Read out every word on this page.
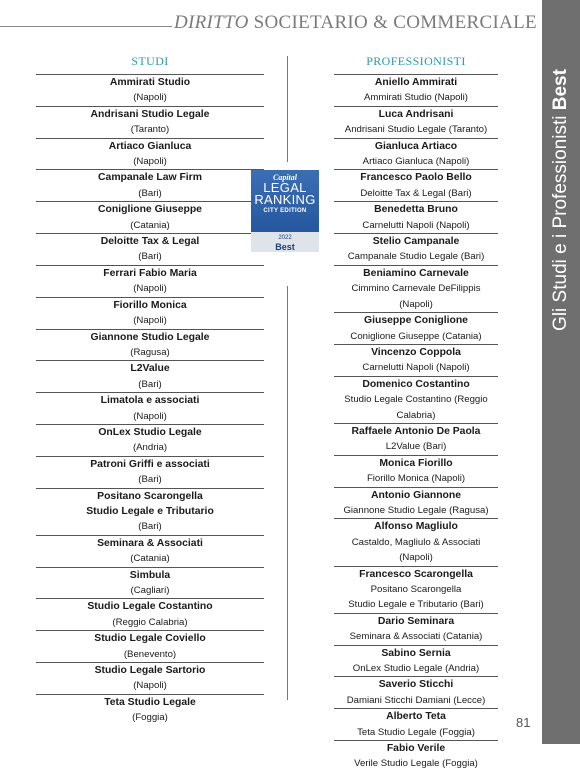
DIRITTO SOCIETARIO & COMMERCIALE
Gli Studi e i Professionisti Best
STUDI	PROFESSIONISTI
Ammirati Studio
(Napoli)
Andrisani Studio Legale
(Taranto)
Artiaco Gianluca
(Napoli)
Campanale Law Firm
(Bari)
Coniglione Giuseppe
(Catania)
Deloitte Tax & Legal
(Bari)
Ferrari Fabio Maria
(Napoli)
Fiorillo Monica
(Napoli)
Giannone Studio Legale
(Ragusa)
L2Value
(Bari)
Limatola e associati
(Napoli)
OnLex Studio Legale
(Andria)
Patroni Griffi e associati
(Bari)
Positano Scarongella
Studio Legale e Tributario
(Bari)
Seminara & Associati
(Catania)
Simbula
(Cagliari)
Studio Legale Costantino
(Reggio Calabria)
Studio Legale Coviello
(Benevento)
Studio Legale Sartorio
(Napoli)
Teta Studio Legale
(Foggia)
Aniello Ammirati
Ammirati Studio (Napoli)
Luca Andrisani
Andrisani Studio Legale (Taranto)
Gianluca Artiaco
Artiaco Gianluca (Napoli)
Francesco Paolo Bello
Deloitte Tax & Legal (Bari)
Benedetta Bruno
Carnelutti Napoli (Napoli)
Stelio Campanale
Campanale Studio Legale (Bari)
Beniamino Carnevale
Cimmino Carnevale DeFilippis (Napoli)
Giuseppe Coniglione
Coniglione Giuseppe (Catania)
Vincenzo Coppola
Carnelutti Napoli (Napoli)
Domenico Costantino
Studio Legale Costantino (Reggio Calabria)
Raffaele Antonio De Paola
L2Value (Bari)
Monica Fiorillo
Fiorillo Monica (Napoli)
Antonio Giannone
Giannone Studio Legale (Ragusa)
Alfonso Magliulo
Castaldo, Magliulo & Associati (Napoli)
Francesco Scarongella
Positano Scarongella
Studio Legale e Tributario (Bari)
Dario Seminara
Seminara & Associati (Catania)
Sabino Sernia
OnLex Studio Legale (Andria)
Saverio Sticchi
Damiani Sticchi Damiani (Lecce)
Alberto Teta
Teta Studio Legale (Foggia)
Fabio Verile
Verile Studio Legale (Foggia)
Capital
LEGAL
RANKING
CITY EDITION
2022
Best
81
